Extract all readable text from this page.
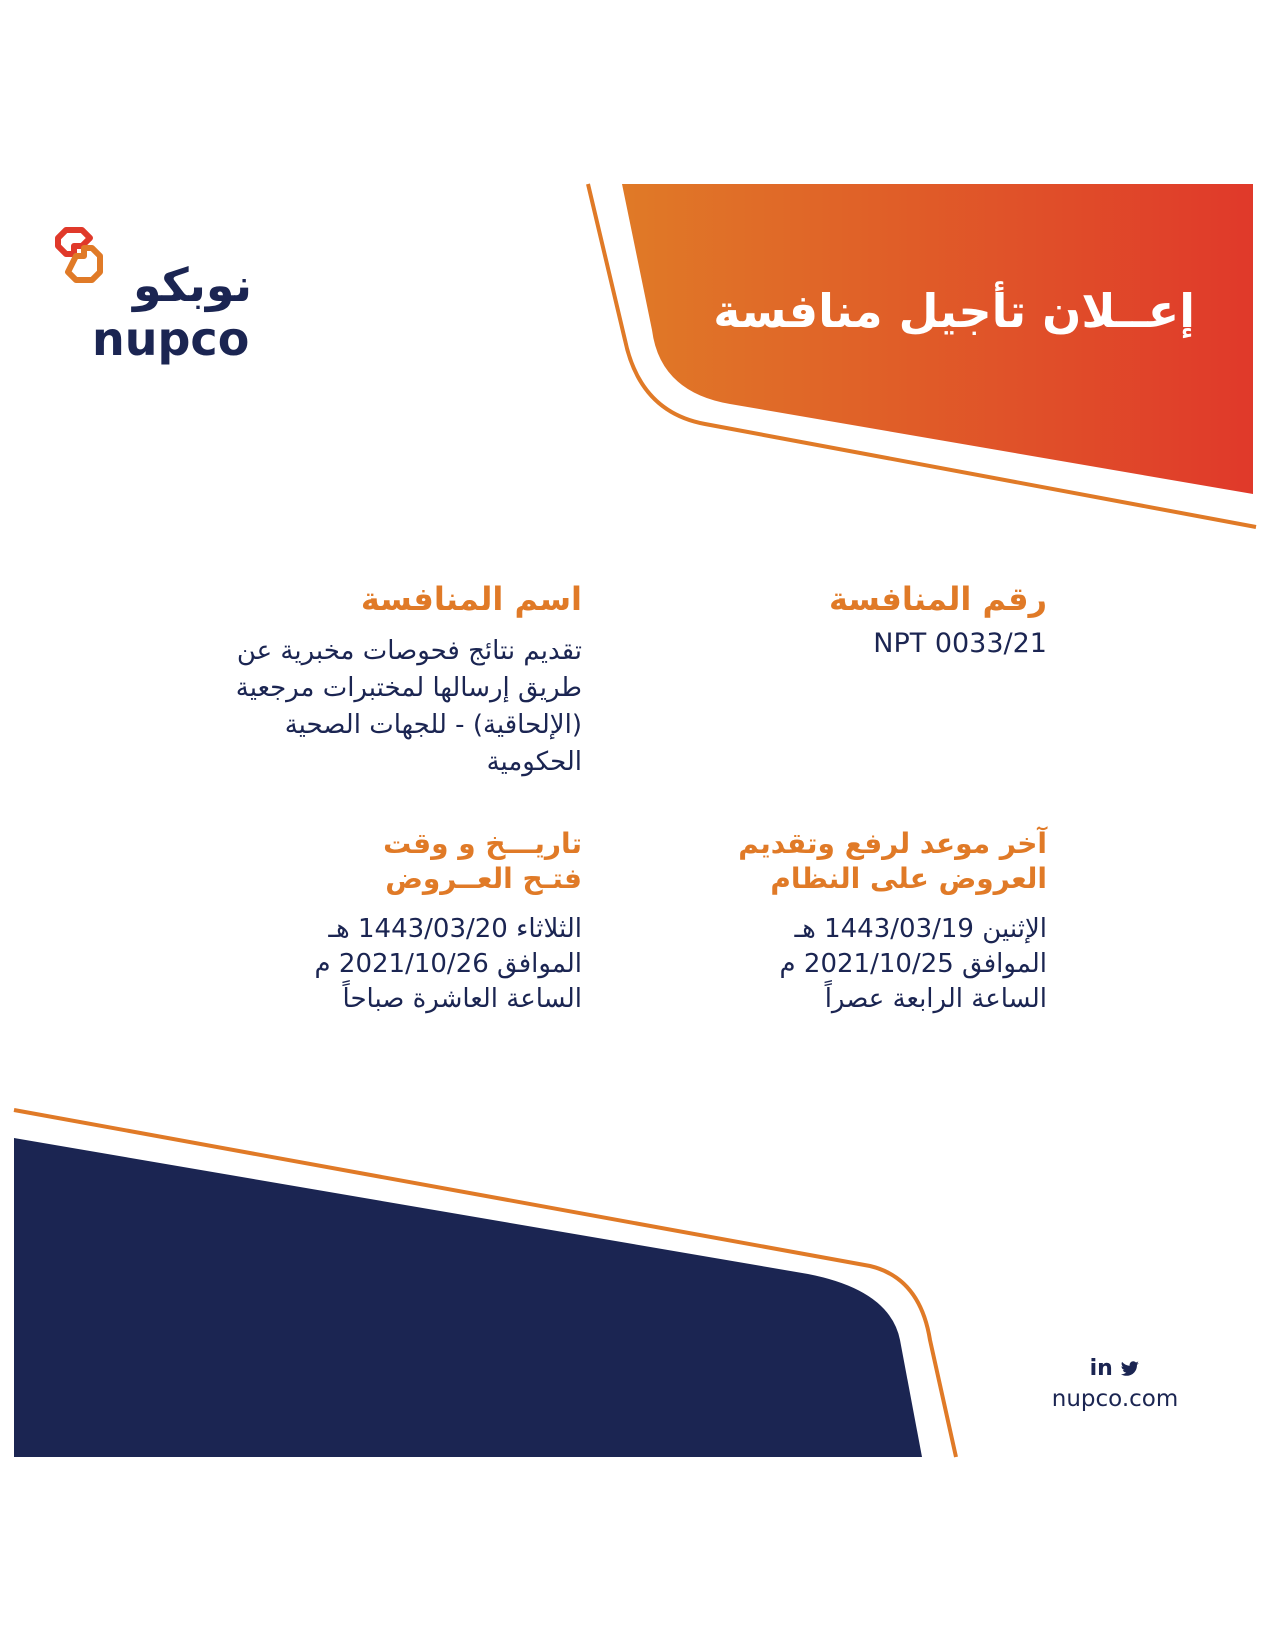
نوبكو
nupco
إعــلان تأجيل منافسة
رقم المنافسة
NPT 0033/21
اسم المنافسة
تقديم نتائج فحوصات مخبرية عن
طريق إرسالها لمختبرات مرجعية
(الإلحاقية) - للجهات الصحية
الحكومية
آخر موعد لرفع وتقديم
العروض على النظام
تاريـــخ و وقت
فتـح العــروض
الإثنين 1443/03/19 هـ
الموافق 2021/10/25 م
الساعة الرابعة عصراً
الثلاثاء 1443/03/20 هـ
الموافق 2021/10/26 م
الساعة العاشرة صباحاً
للحصول على معلومات عن المنافسة أعلاه والإطلاع على مواصفات
البنــود تفــضل بزيـارة موقــعنا الإلكــتروني www.nupco.com
in
nupco.com
